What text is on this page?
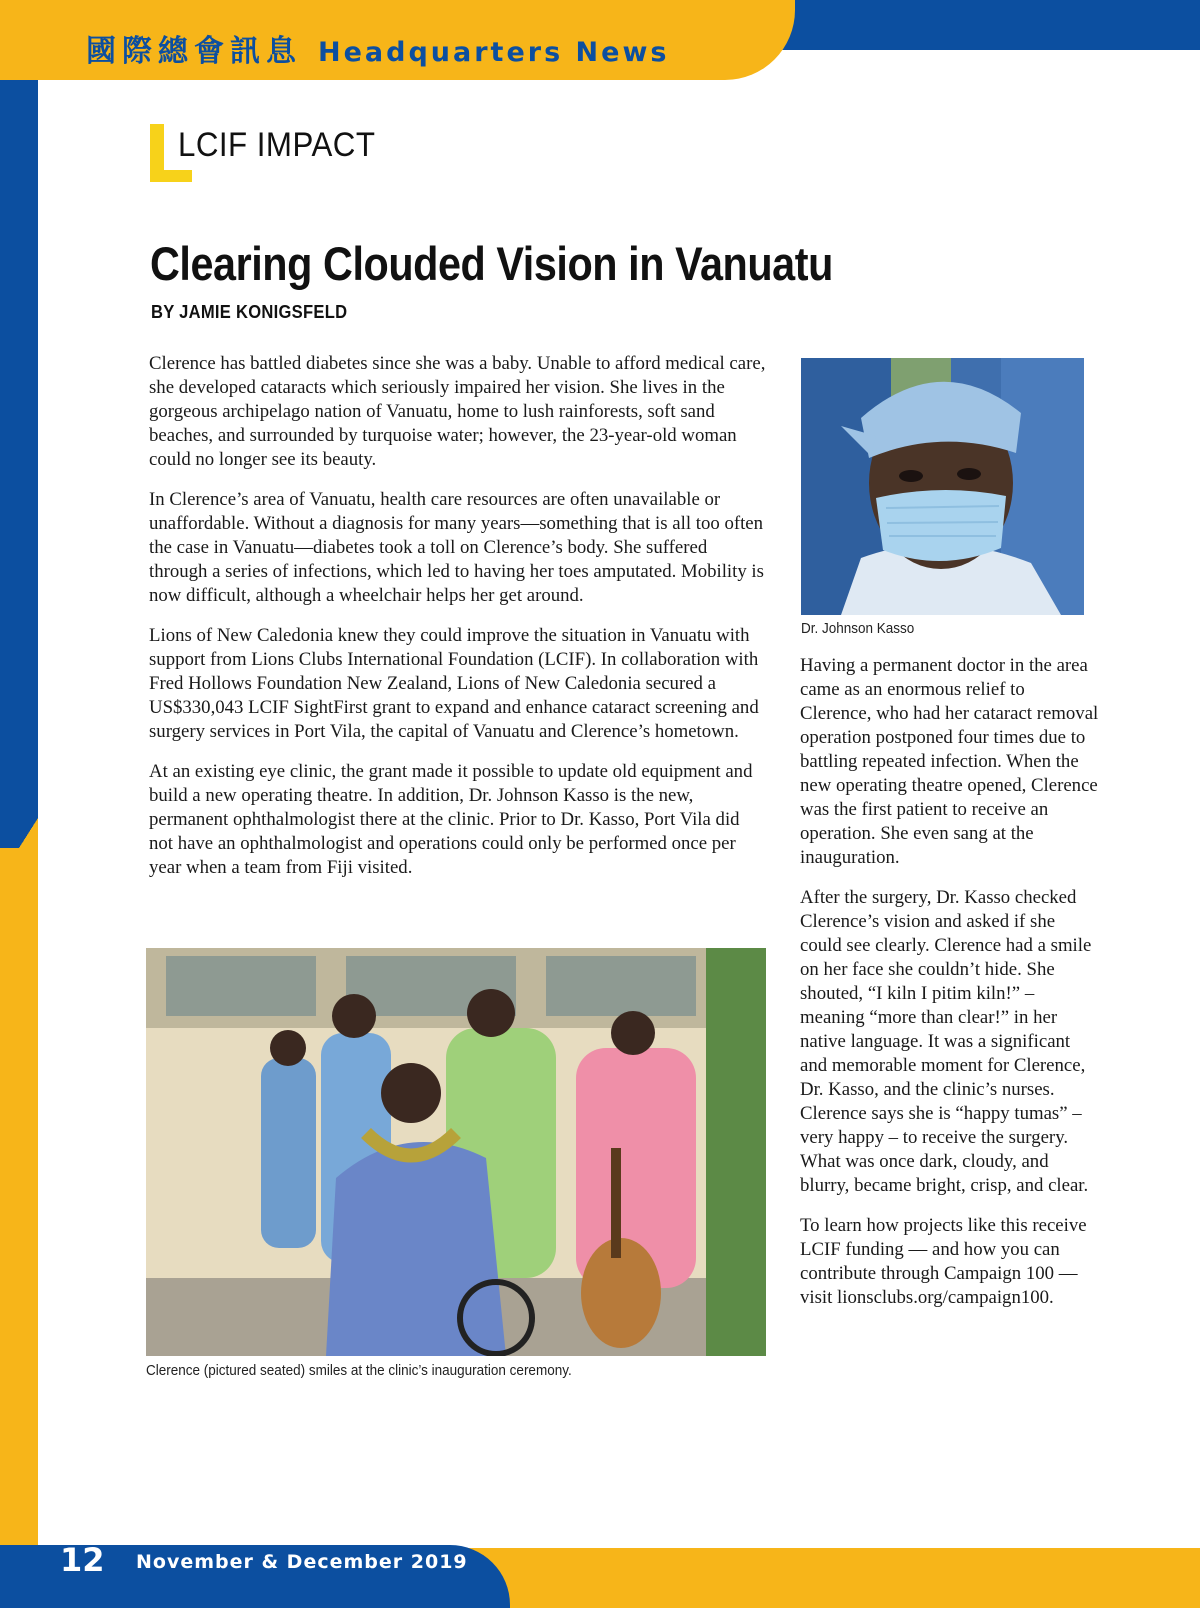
國際總會訊息 Headquarters News
LCIF IMPACT
Clearing Clouded Vision in Vanuatu
BY JAMIE KONIGSFELD

Clerence has battled diabetes since she was a baby. Unable to afford medical care, she developed cataracts which seriously impaired her vision. She lives in the gorgeous archipelago nation of Vanuatu, home to lush rainforests, soft sand beaches, and surrounded by turquoise water; however, the 23-year-old woman could no longer see its beauty.

In Clerence’s area of Vanuatu, health care resources are often unavailable or unaffordable. Without a diagnosis for many years—something that is all too often the case in Vanuatu—diabetes took a toll on Clerence’s body. She suffered through a series of infections, which led to having her toes amputated. Mobility is now difficult, although a wheelchair helps her get around.

Lions of New Caledonia knew they could improve the situation in Vanuatu with support from Lions Clubs International Foundation (LCIF). In collaboration with Fred Hollows Foundation New Zealand, Lions of New Caledonia secured a US$330,043 LCIF SightFirst grant to expand and enhance cataract screening and surgery services in Port Vila, the capital of Vanuatu and Clerence’s hometown.

At an existing eye clinic, the grant made it possible to update old equipment and build a new operating theatre. In addition, Dr. Johnson Kasso is the new, permanent ophthalmologist there at the clinic. Prior to Dr. Kasso, Port Vila did not have an ophthalmologist and operations could only be performed once per year when a team from Fiji visited.

Dr. Johnson Kasso

Having a permanent doctor in the area came as an enormous relief to Clerence, who had her cataract removal operation postponed four times due to battling repeated infection. When the new operating theatre opened, Clerence was the first patient to receive an operation. She even sang at the inauguration.

After the surgery, Dr. Kasso checked Clerence’s vision and asked if she could see clearly. Clerence had a smile on her face she couldn’t hide. She shouted, “I kiln I pitim kiln!” – meaning “more than clear!” in her native language. It was a significant and memorable moment for Clerence, Dr. Kasso, and the clinic’s nurses. Clerence says she is “happy tumas” – very happy – to receive the surgery. What was once dark, cloudy, and blurry, became bright, crisp, and clear.

To learn how projects like this receive LCIF funding — and how you can contribute through Campaign 100 — visit lionsclubs.org/campaign100.

Clerence (pictured seated) smiles at the clinic’s inauguration ceremony.
12 November & December 2019
